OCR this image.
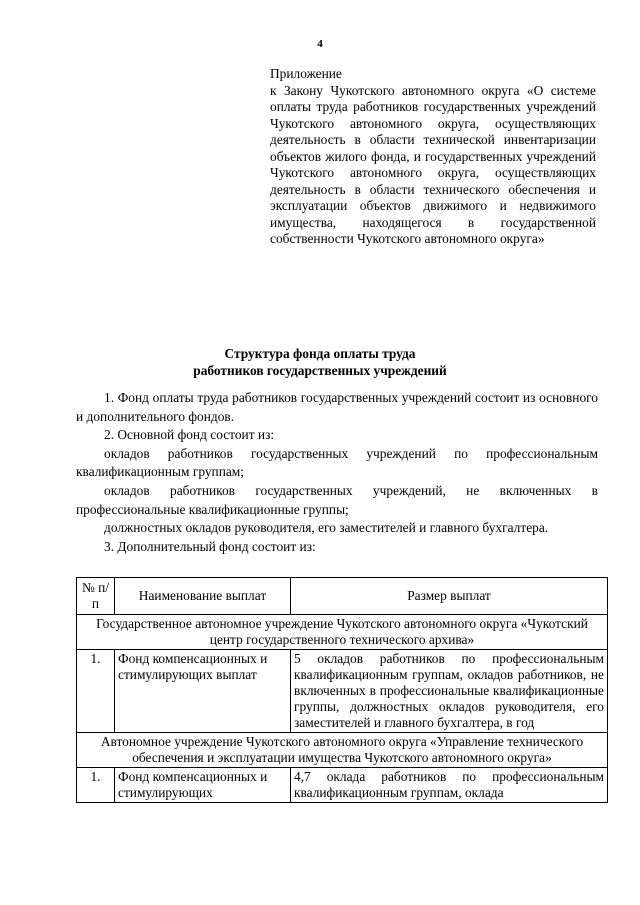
4
Приложение
к Закону Чукотского автономного округа «О системе оплаты труда работников государственных учреждений Чукотского автономного округа, осуществляющих деятельность в области технической инвентаризации объектов жилого фонда, и государственных учреждений Чукотского автономного округа, осуществляющих деятельность в области технического обеспечения и эксплуатации объектов движимого и недвижимого имущества, находящегося в государственной собственности Чукотского автономного округа»
Структура фонда оплаты труда
работников государственных учреждений

1. Фонд оплаты труда работников государственных учреждений состоит из основного и дополнительного фондов.

2. Основной фонд состоит из:

окладов работников государственных учреждений по профессиональным квалификационным группам;

окладов работников государственных учреждений, не включенных в профессиональные квалификационные группы;

должностных окладов руководителя, его заместителей и главного бухгалтера.

3. Дополнительный фонд состоит из:

№ п/п	Наименование выплат	Размер выплат
Государственное автономное учреждение Чукотского автономного округа «Чукотский центр государственного технического архива»		
1.	Фонд компенсационных и стимулирующих выплат	5 окладов работников по профессиональным квалификационным группам, окладов работников, не включенных в профессиональные квалификационные группы, должностных окладов руководителя, его заместителей и главного бухгалтера, в год
Автономное учреждение Чукотского автономного округа «Управление технического обеспечения и эксплуатации имущества Чукотского автономного округа»		
1.	Фонд компенсационных и стимулирующих	4,7 оклада работников по профессиональным квалификационным группам, оклада
